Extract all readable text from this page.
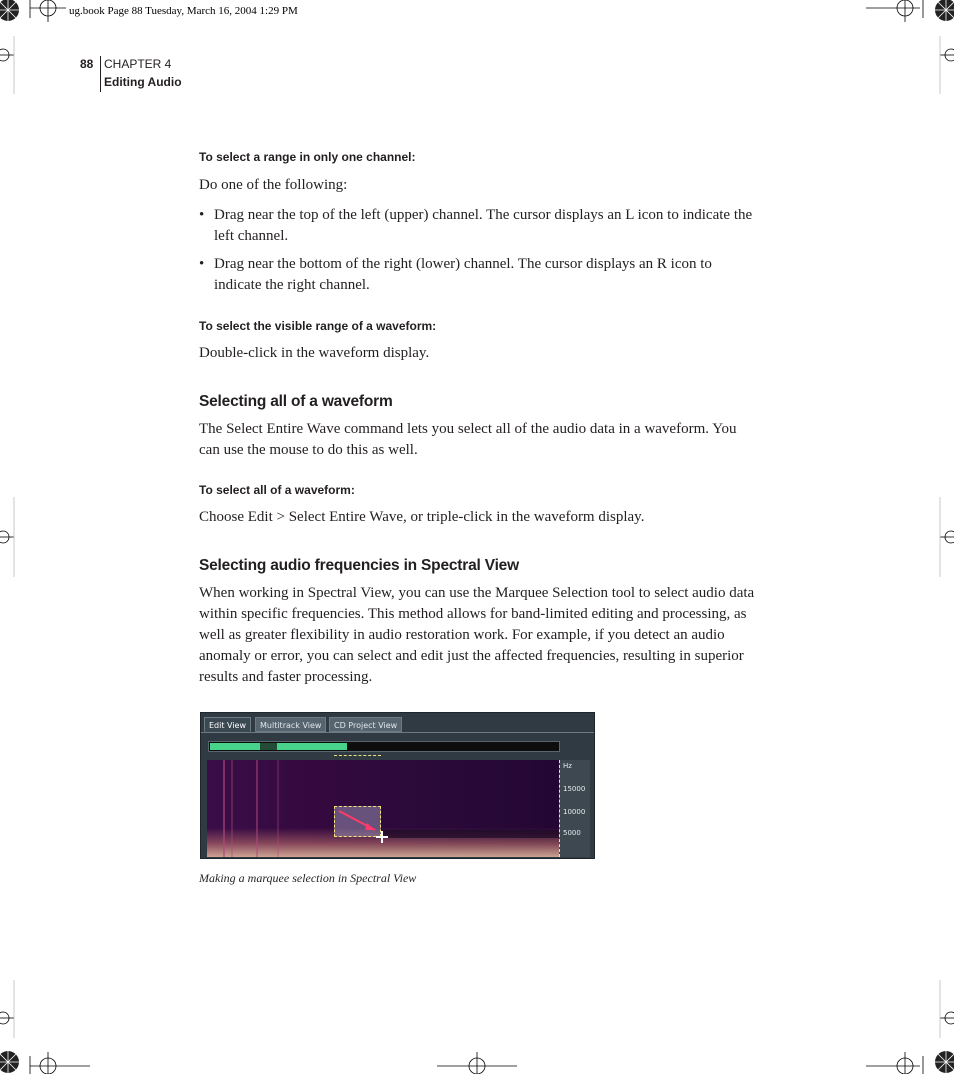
ug.book Page 88 Tuesday, March 16, 2004 1:29 PM
88 CHAPTER 4
Editing Audio
To select a range in only one channel:
Do one of the following:
• Drag near the top of the left (upper) channel. The cursor displays an L icon to indicate the left channel.
• Drag near the bottom of the right (lower) channel. The cursor displays an R icon to indicate the right channel.
To select the visible range of a waveform:
Double-click in the waveform display.
Selecting all of a waveform
The Select Entire Wave command lets you select all of the audio data in a waveform. You can use the mouse to do this as well.
To select all of a waveform:
Choose Edit > Select Entire Wave, or triple-click in the waveform display.
Selecting audio frequencies in Spectral View
When working in Spectral View, you can use the Marquee Selection tool to select audio data within specific frequencies. This method allows for band-limited editing and processing, as well as greater flexibility in audio restoration work. For example, if you detect an audio anomaly or error, you can select and edit just the affected frequencies, resulting in superior results and faster processing.
Edit View	Multitrack View	CD Project View
Hz
15000
10000
5000
Making a marquee selection in Spectral View
